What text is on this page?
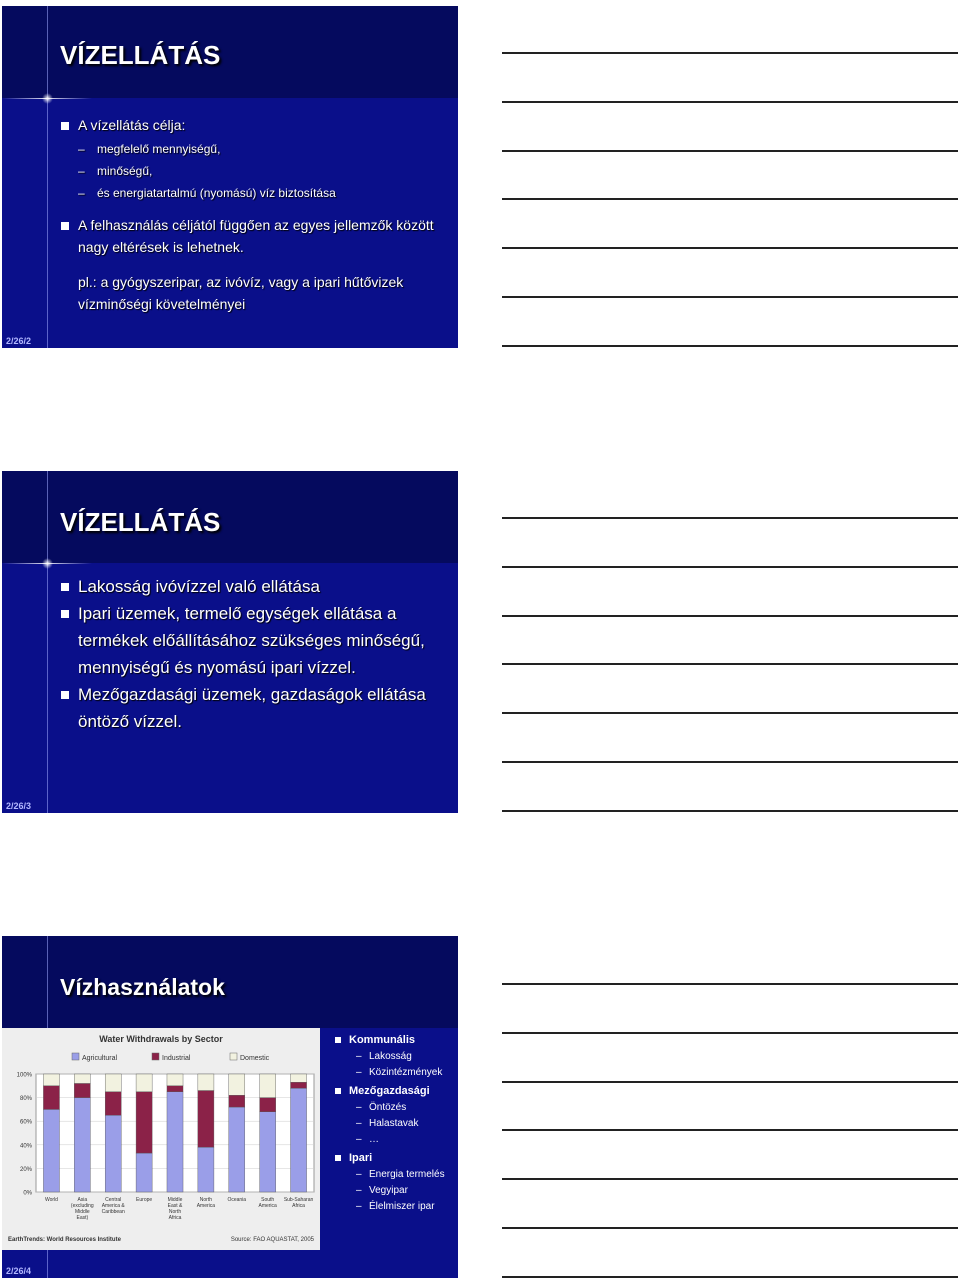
VÍZELLÁTÁS
A vízellátás célja:
– megfelelő mennyiségű,
– minőségű,
– és energiatartalmú (nyomású) víz biztosítása
A felhasználás céljától függően az egyes jellemzők között nagy eltérések is lehetnek.
pl.: a gyógyszeripar, az ivóvíz, vagy a ipari hűtővizek vízminőségi követelményei
2/26/2
VÍZELLÁTÁS
Lakosság ivóvízzel való ellátása
Ipari üzemek, termelő egységek ellátása a termékek előállításához szükséges minőségű, mennyiségű és nyomású ipari vízzel.
Mezőgazdasági üzemek, gazdaságok ellátása öntöző vízzel.
2/26/3
Vízhasználatok
Water Withdrawals by Sector
Agricultural	Industrial	Domestic
0%
20%
40%
60%
80%
100%
World	Asia (excluding Middle East)
Central America & Caribbean
Europe	Middle East & North Africa
North America
Oceania	South America
Sub-Saharan Africa
EarthTrends: World Resources Institute	Source: FAO AQUASTAT, 2005
Kommunális
– Lakosság
– Közintézmények
Mezőgazdasági
– Öntözés
– Halastavak
– …
Ipari
– Energia termelés
– Vegyipar
– Élelmiszer ipar
2/26/4
